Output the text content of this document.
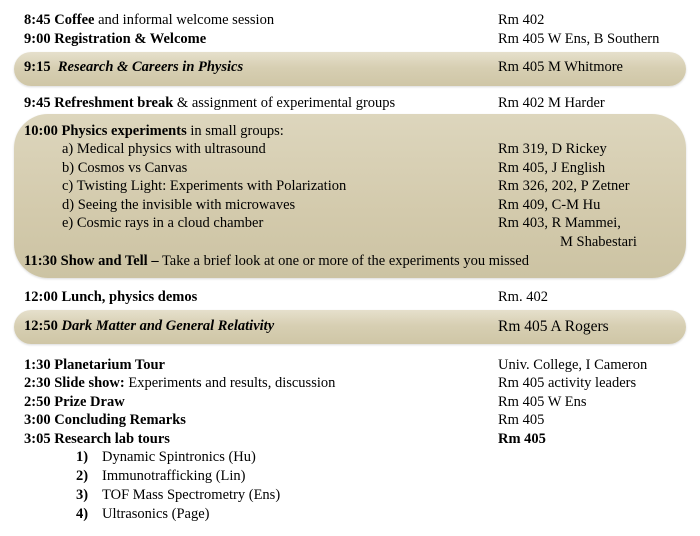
8:45 Coffee and informal welcome session	Rm 402
9:00 Registration & Welcome	Rm 405 W Ens, B Southern
9:15 Research & Careers in Physics	Rm 405 M Whitmore
9:45 Refreshment break & assignment of experimental groups	Rm 402 M Harder
10:00 Physics experiments in small groups:
a) Medical physics with ultrasound	Rm 319, D Rickey
b) Cosmos vs Canvas	Rm 405, J English
c) Twisting Light: Experiments with Polarization	Rm 326, 202, P Zetner
d) Seeing the invisible with microwaves	Rm 409, C-M Hu
e) Cosmic rays in a cloud chamber	Rm 403, R Mammei,
M Shabestari
11:30 Show and Tell – Take a brief look at one or more of the experiments you missed
12:00 Lunch, physics demos	Rm. 402
12:50 Dark Matter and General Relativity	Rm 405 A Rogers
1:30 Planetarium Tour	Univ. College, I Cameron
2:30 Slide show: Experiments and results, discussion	Rm 405 activity leaders
2:50 Prize Draw	Rm 405 W Ens
3:00 Concluding Remarks	Rm 405
3:05 Research lab tours	Rm 405
1) Dynamic Spintronics (Hu)
2) Immunotrafficking (Lin)
3) TOF Mass Spectrometry (Ens)
4) Ultrasonics (Page)
